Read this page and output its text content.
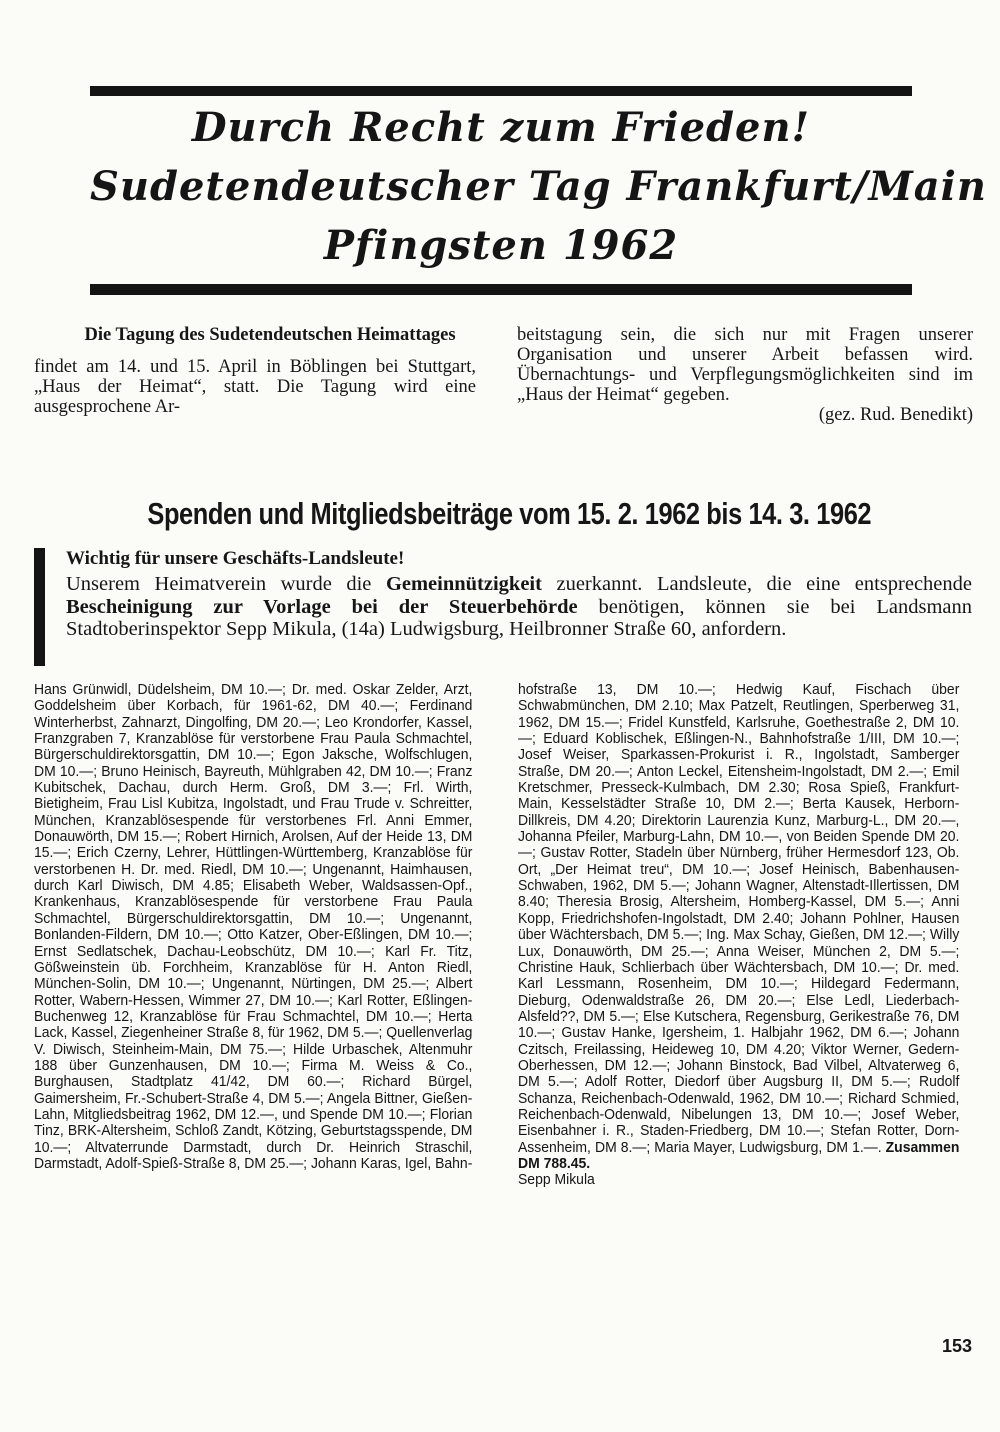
Durch Recht zum Frieden!
Sudetendeutscher Tag Frankfurt/Main
Pfingsten 1962

Die Tagung des Sudetendeutschen Heimattages

findet am 14. und 15. April in Böblingen bei Stuttgart, „Haus der Heimat“, statt. Die Tagung wird eine ausgesprochene Ar-

beitstagung sein, die sich nur mit Fragen unserer Organisation und unserer Arbeit befassen wird. Übernachtungs- und Verpflegungsmöglichkeiten sind im „Haus der Heimat“ gegeben.

(gez. Rud. Benedikt)

Spenden und Mitgliedsbeiträge vom 15. 2. 1962 bis 14. 3. 1962

Wichtig für unsere Geschäfts-Landsleute!

Unserem Heimatverein wurde die Gemeinnützigkeit zuerkannt. Landsleute, die eine entsprechende Bescheinigung zur Vorlage bei der Steuerbehörde benötigen, können sie bei Landsmann Stadtoberinspektor Sepp Mikula, (14a) Ludwigsburg, Heilbronner Straße 60, anfordern.

Hans Grünwidl, Düdelsheim, DM 10.—; Dr. med. Oskar Zelder, Arzt, Goddelsheim über Korbach, für 1961-62, DM 40.—; Ferdinand Winterherbst, Zahnarzt, Dingolfing, DM 20.—; Leo Krondorfer, Kassel, Franzgraben 7, Kranzablöse für verstorbene Frau Paula Schmachtel, Bürgerschuldirektorsgattin, DM 10.—; Egon Jaksche, Wolfschlugen, DM 10.—; Bruno Heinisch, Bayreuth, Mühlgraben 42, DM 10.—; Franz Kubitschek, Dachau, durch Herm. Groß, DM 3.—; Frl. Wirth, Bietigheim, Frau Lisl Kubitza, Ingolstadt, und Frau Trude v. Schreitter, München, Kranzablösespende für verstorbenes Frl. Anni Emmer, Donauwörth, DM 15.—; Robert Hirnich, Arolsen, Auf der Heide 13, DM 15.—; Erich Czerny, Lehrer, Hüttlingen-Württemberg, Kranzablöse für verstorbenen H. Dr. med. Riedl, DM 10.—; Ungenannt, Haimhausen, durch Karl Diwisch, DM 4.85; Elisabeth Weber, Waldsassen-Opf., Krankenhaus, Kranzablösespende für verstorbene Frau Paula Schmachtel, Bürgerschuldirektorsgattin, DM 10.—; Ungenannt, Bonlanden-Fildern, DM 10.—; Otto Katzer, Ober-Eßlingen, DM 10.—; Ernst Sedlatschek, Dachau-Leobschütz, DM 10.—; Karl Fr. Titz, Gößweinstein üb. Forchheim, Kranzablöse für H. Anton Riedl, München-Solin, DM 10.—; Ungenannt, Nürtingen, DM 25.—; Albert Rotter, Wabern-Hessen, Wimmer 27, DM 10.—; Karl Rotter, Eßlingen-Buchenweg 12, Kranzablöse für Frau Schmachtel, DM 10.—; Herta Lack, Kassel, Ziegenheiner Straße 8, für 1962, DM 5.—; Quellenverlag V. Diwisch, Steinheim-Main, DM 75.—; Hilde Urbaschek, Altenmuhr 188 über Gunzenhausen, DM 10.—; Firma M. Weiss & Co., Burghausen, Stadtplatz 41/42, DM 60.—; Richard Bürgel, Gaimersheim, Fr.-Schubert-Straße 4, DM 5.—; Angela Bittner, Gießen-Lahn, Mitgliedsbeitrag 1962, DM 12.—, und Spende DM 10.—; Florian Tinz, BRK-Altersheim, Schloß Zandt, Kötzing, Geburtstagsspende, DM 10.—; Altvaterrunde Darmstadt, durch Dr. Heinrich Straschil, Darmstadt, Adolf-Spieß-Straße 8, DM 25.—; Johann Karas, Igel, Bahn-

hofstraße 13, DM 10.—; Hedwig Kauf, Fischach über Schwabmünchen, DM 2.10; Max Patzelt, Reutlingen, Sperberweg 31, 1962, DM 15.—; Fridel Kunstfeld, Karlsruhe, Goethestraße 2, DM 10.—; Eduard Koblischek, Eßlingen-N., Bahnhofstraße 1/III, DM 10.—; Josef Weiser, Sparkassen-Prokurist i. R., Ingolstadt, Samberger Straße, DM 20.—; Anton Leckel, Eitensheim-Ingolstadt, DM 2.—; Emil Kretschmer, Presseck-Kulmbach, DM 2.30; Rosa Spieß, Frankfurt-Main, Kesselstädter Straße 10, DM 2.—; Berta Kausek, Herborn-Dillkreis, DM 4.20; Direktorin Laurenzia Kunz, Marburg-L., DM 20.—, Johanna Pfeiler, Marburg-Lahn, DM 10.—, von Beiden Spende DM 20.—; Gustav Rotter, Stadeln über Nürnberg, früher Hermesdorf 123, Ob. Ort, „Der Heimat treu“, DM 10.—; Josef Heinisch, Babenhausen-Schwaben, 1962, DM 5.—; Johann Wagner, Altenstadt-Illertissen, DM 8.40; Theresia Brosig, Altersheim, Homberg-Kassel, DM 5.—; Anni Kopp, Friedrichshofen-Ingolstadt, DM 2.40; Johann Pohlner, Hausen über Wächtersbach, DM 5.—; Ing. Max Schay, Gießen, DM 12.—; Willy Lux, Donauwörth, DM 25.—; Anna Weiser, München 2, DM 5.—; Christine Hauk, Schlierbach über Wächtersbach, DM 10.—; Dr. med. Karl Lessmann, Rosenheim, DM 10.—; Hildegard Federmann, Dieburg, Odenwaldstraße 26, DM 20.—; Else Ledl, Liederbach-Alsfeld??, DM 5.—; Else Kutschera, Regensburg, Gerikestraße 76, DM 10.—; Gustav Hanke, Igersheim, 1. Halbjahr 1962, DM 6.—; Johann Czitsch, Freilassing, Heideweg 10, DM 4.20; Viktor Werner, Gedern-Oberhessen, DM 12.—; Johann Binstock, Bad Vilbel, Altvaterweg 6, DM 5.—; Adolf Rotter, Diedorf über Augsburg II, DM 5.—; Rudolf Schanza, Reichenbach-Odenwald, 1962, DM 10.—; Richard Schmied, Reichenbach-Odenwald, Nibelungen 13, DM 10.—; Josef Weber, Eisenbahner i. R., Staden-Friedberg, DM 10.—; Stefan Rotter, Dorn-Assenheim, DM 8.—; Maria Mayer, Ludwigsburg, DM 1.—. Zusammen DM 788.45.

Sepp Mikula

153
